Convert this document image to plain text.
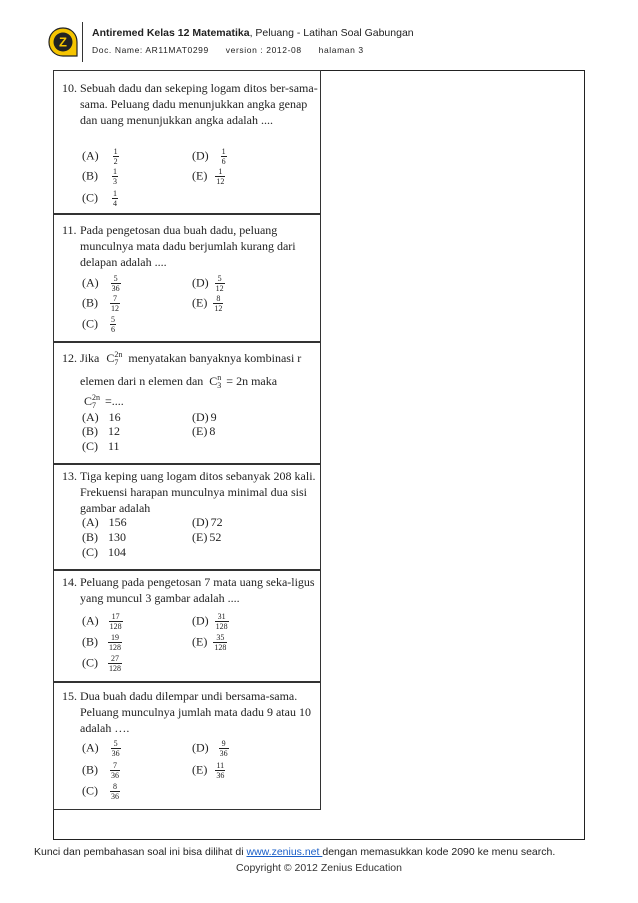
Z
Antiremed Kelas 12 Matematika, Peluang - Latihan Soal Gabungan
Doc. Name: AR11MAT0299 version : 2012-08 halaman 3
10. Sebuah dadu dan sekeping logam ditos ber-sama-sama. Peluang dadu menunjukkan angka genap dan uang menunjukkan angka adalah ....
$(A) \frac{1}{2}$
$(B) \frac{1}{3}$
$(C) \frac{1}{4}$
$(D) \frac{1}{6}$
$(E) \frac{1}{12}$
11. Pada pengetosan dua buah dadu, peluang munculnya mata dadu berjumlah kurang dari delapan adalah ....
$(A) \frac{5}{36}$
$(B) \frac{7}{12}$
$(C) \frac{5}{6}$
$(D) \frac{5}{12}$
$(E) \frac{8}{12}$
12. Jika C 2n
7 menyatakan banyaknya kombinasi r
elemen dari n elemen dan C n
3 = 2n maka
C 2n
7 =....
(A) 16
(B) 12
(C) 11
(D) 9
(E) 8
13. Tiga keping uang logam ditos sebanyak 208 kali. Frekuensi harapan munculnya minimal dua sisi gambar adalah
(A) 156
(B) 130
(C) 104
(D) 72
(E) 52
14. Peluang pada pengetosan 7 mata uang seka-ligus yang muncul 3 gambar adalah ....
$(A) \frac{17}{128}$
$(B) \frac{19}{128}$
$(C) \frac{27}{128}$
$(D) \frac{31}{128}$
$(E) \frac{35}{128}$
15. Dua buah dadu dilempar undi bersama-sama. Peluang munculnya jumlah mata dadu 9 atau 10 adalah ….
$(A) \frac{5}{36}$
$(B) \frac{7}{36}$
$(C) \frac{8}{36}$
$(D) \frac{9}{36}$
$(E) \frac{11}{36}$
Kunci dan pembahasan soal ini bisa dilihat di www.zenius.net dengan memasukkan kode 2090 ke menu search.
Copyright © 2012 Zenius Education
